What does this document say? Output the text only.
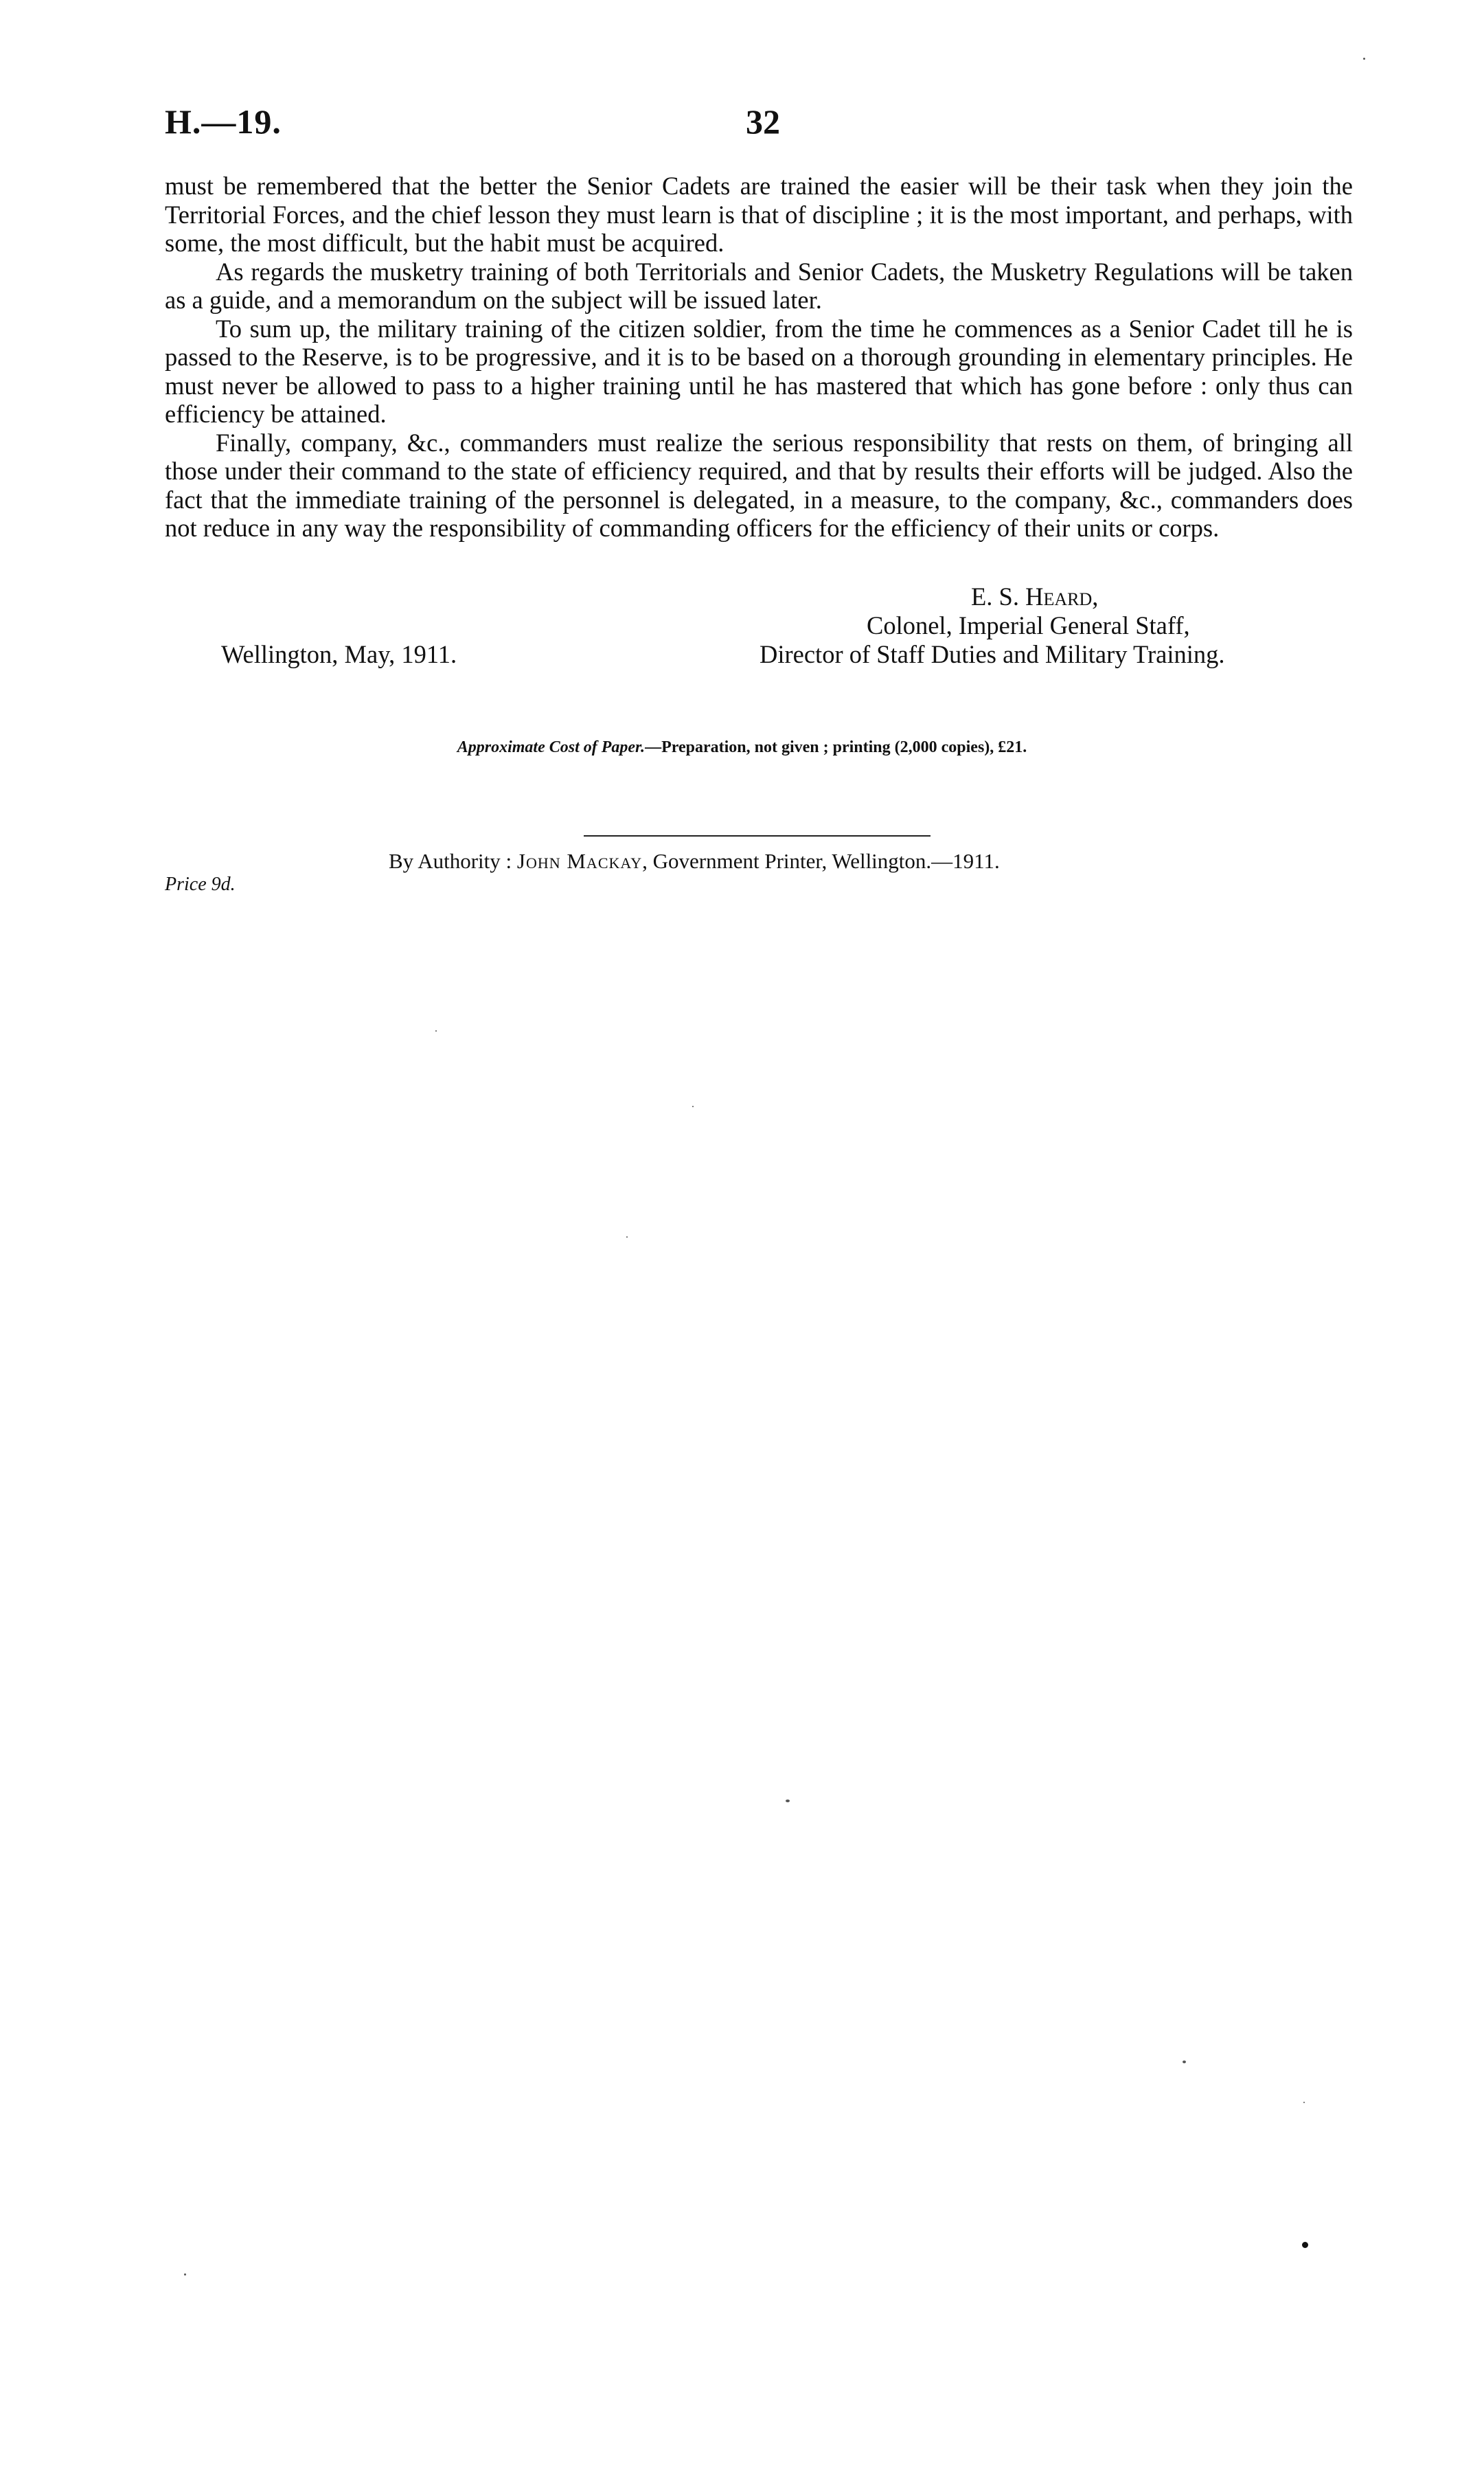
H.—19.	32

must be remembered that the better the Senior Cadets are trained the easier will be their task when they join the Territorial Forces, and the chief lesson they must learn is that of discipline ; it is the most important, and perhaps, with some, the most difficult, but the habit must be acquired.

As regards the musketry training of both Territorials and Senior Cadets, the Musketry Regulations will be taken as a guide, and a memorandum on the subject will be issued later.

To sum up, the military training of the citizen soldier, from the time he commences as a Senior Cadet till he is passed to the Reserve, is to be progressive, and it is to be based on a thorough grounding in elementary principles. He must never be allowed to pass to a higher training until he has mastered that which has gone before : only thus can efficiency be attained.

Finally, company, &c., commanders must realize the serious responsibility that rests on them, of bringing all those under their command to the state of efficiency required, and that by results their efforts will be judged. Also the fact that the immediate training of the personnel is delegated, in a measure, to the company, &c., commanders does not reduce in any way the responsibility of commanding officers for the efficiency of their units or corps.

E. S. Heard,
Colonel, Imperial General Staff,
Wellington, May, 1911.	Director of Staff Duties and Military Training.
Approximate Cost of Paper.—Preparation, not given ; printing (2,000 copies), £21.
By Authority : John Mackay, Government Printer, Wellington.—1911.
Price 9d.
